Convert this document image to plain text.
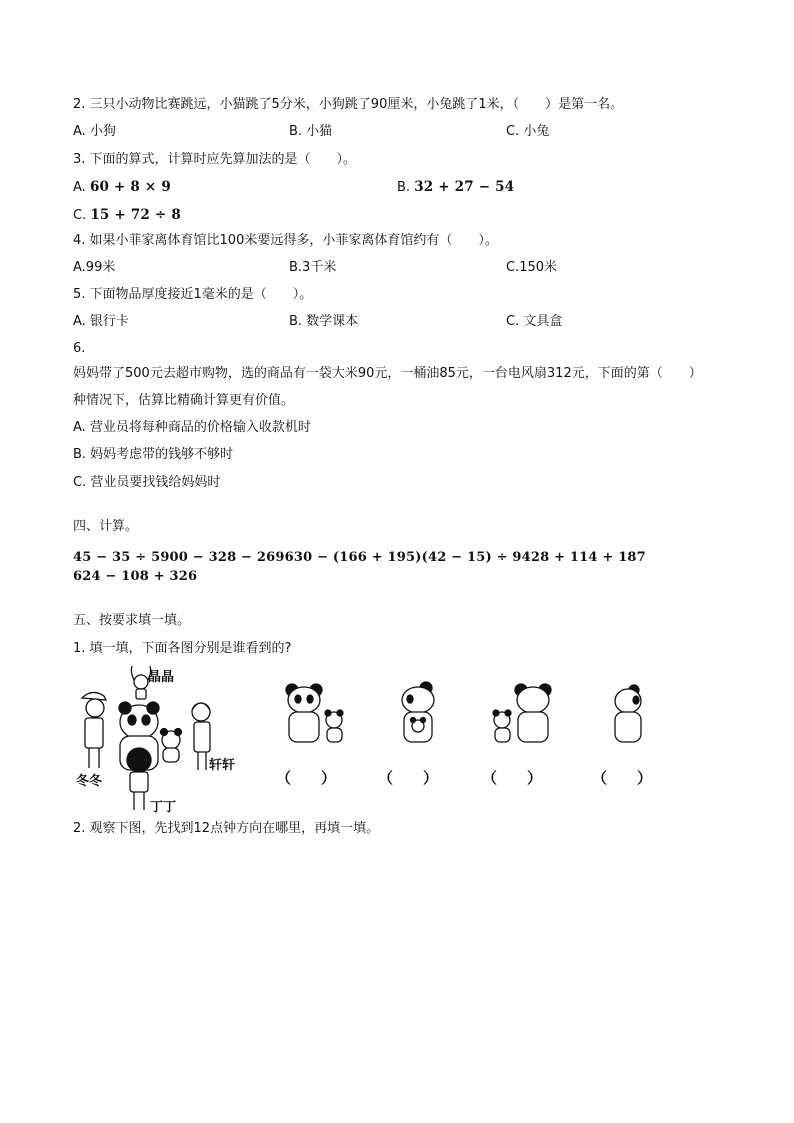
2. 三只小动物比赛跳远，小猫跳了5分米，小狗跳了90厘米，小兔跳了1米，（　　）是第一名。
A. 小狗	B. 小猫	C. 小兔
3. 下面的算式，计算时应先算加法的是（　　）。
A. 60 + 8 × 9	B. 32 + 27 − 54
C. 15 + 72 ÷ 8
4. 如果小菲家离体育馆比100米要远得多，小菲家离体育馆约有（　　）。
A.99米	B.3千米	C.150米
5. 下面物品厚度接近1毫米的是（　　）。
A. 银行卡	B. 数学课本	C. 文具盒
6.
妈妈带了500元去超市购物，选的商品有一袋大米90元，一桶油85元，一台电风扇312元，下面的第（　　）
种情况下，估算比精确计算更有价值。
A. 营业员将每种商品的价格输入收款机时
B. 妈妈考虑带的钱够不够时
C. 营业员要找钱给妈妈时
四、计算。
45 − 35 ÷ 5900 − 328 − 269630 − (166 + 195)(42 − 15) ÷ 9428 + 114 + 187
624 − 108 + 326
五、按要求填一填。
1. 填一填，下面各图分别是谁看到的?
晶晶
冬冬
轩轩
丁丁
（　　）	（　　）	（　　）	（　　）
2. 观察下图，先找到12点钟方向在哪里，再填一填。
